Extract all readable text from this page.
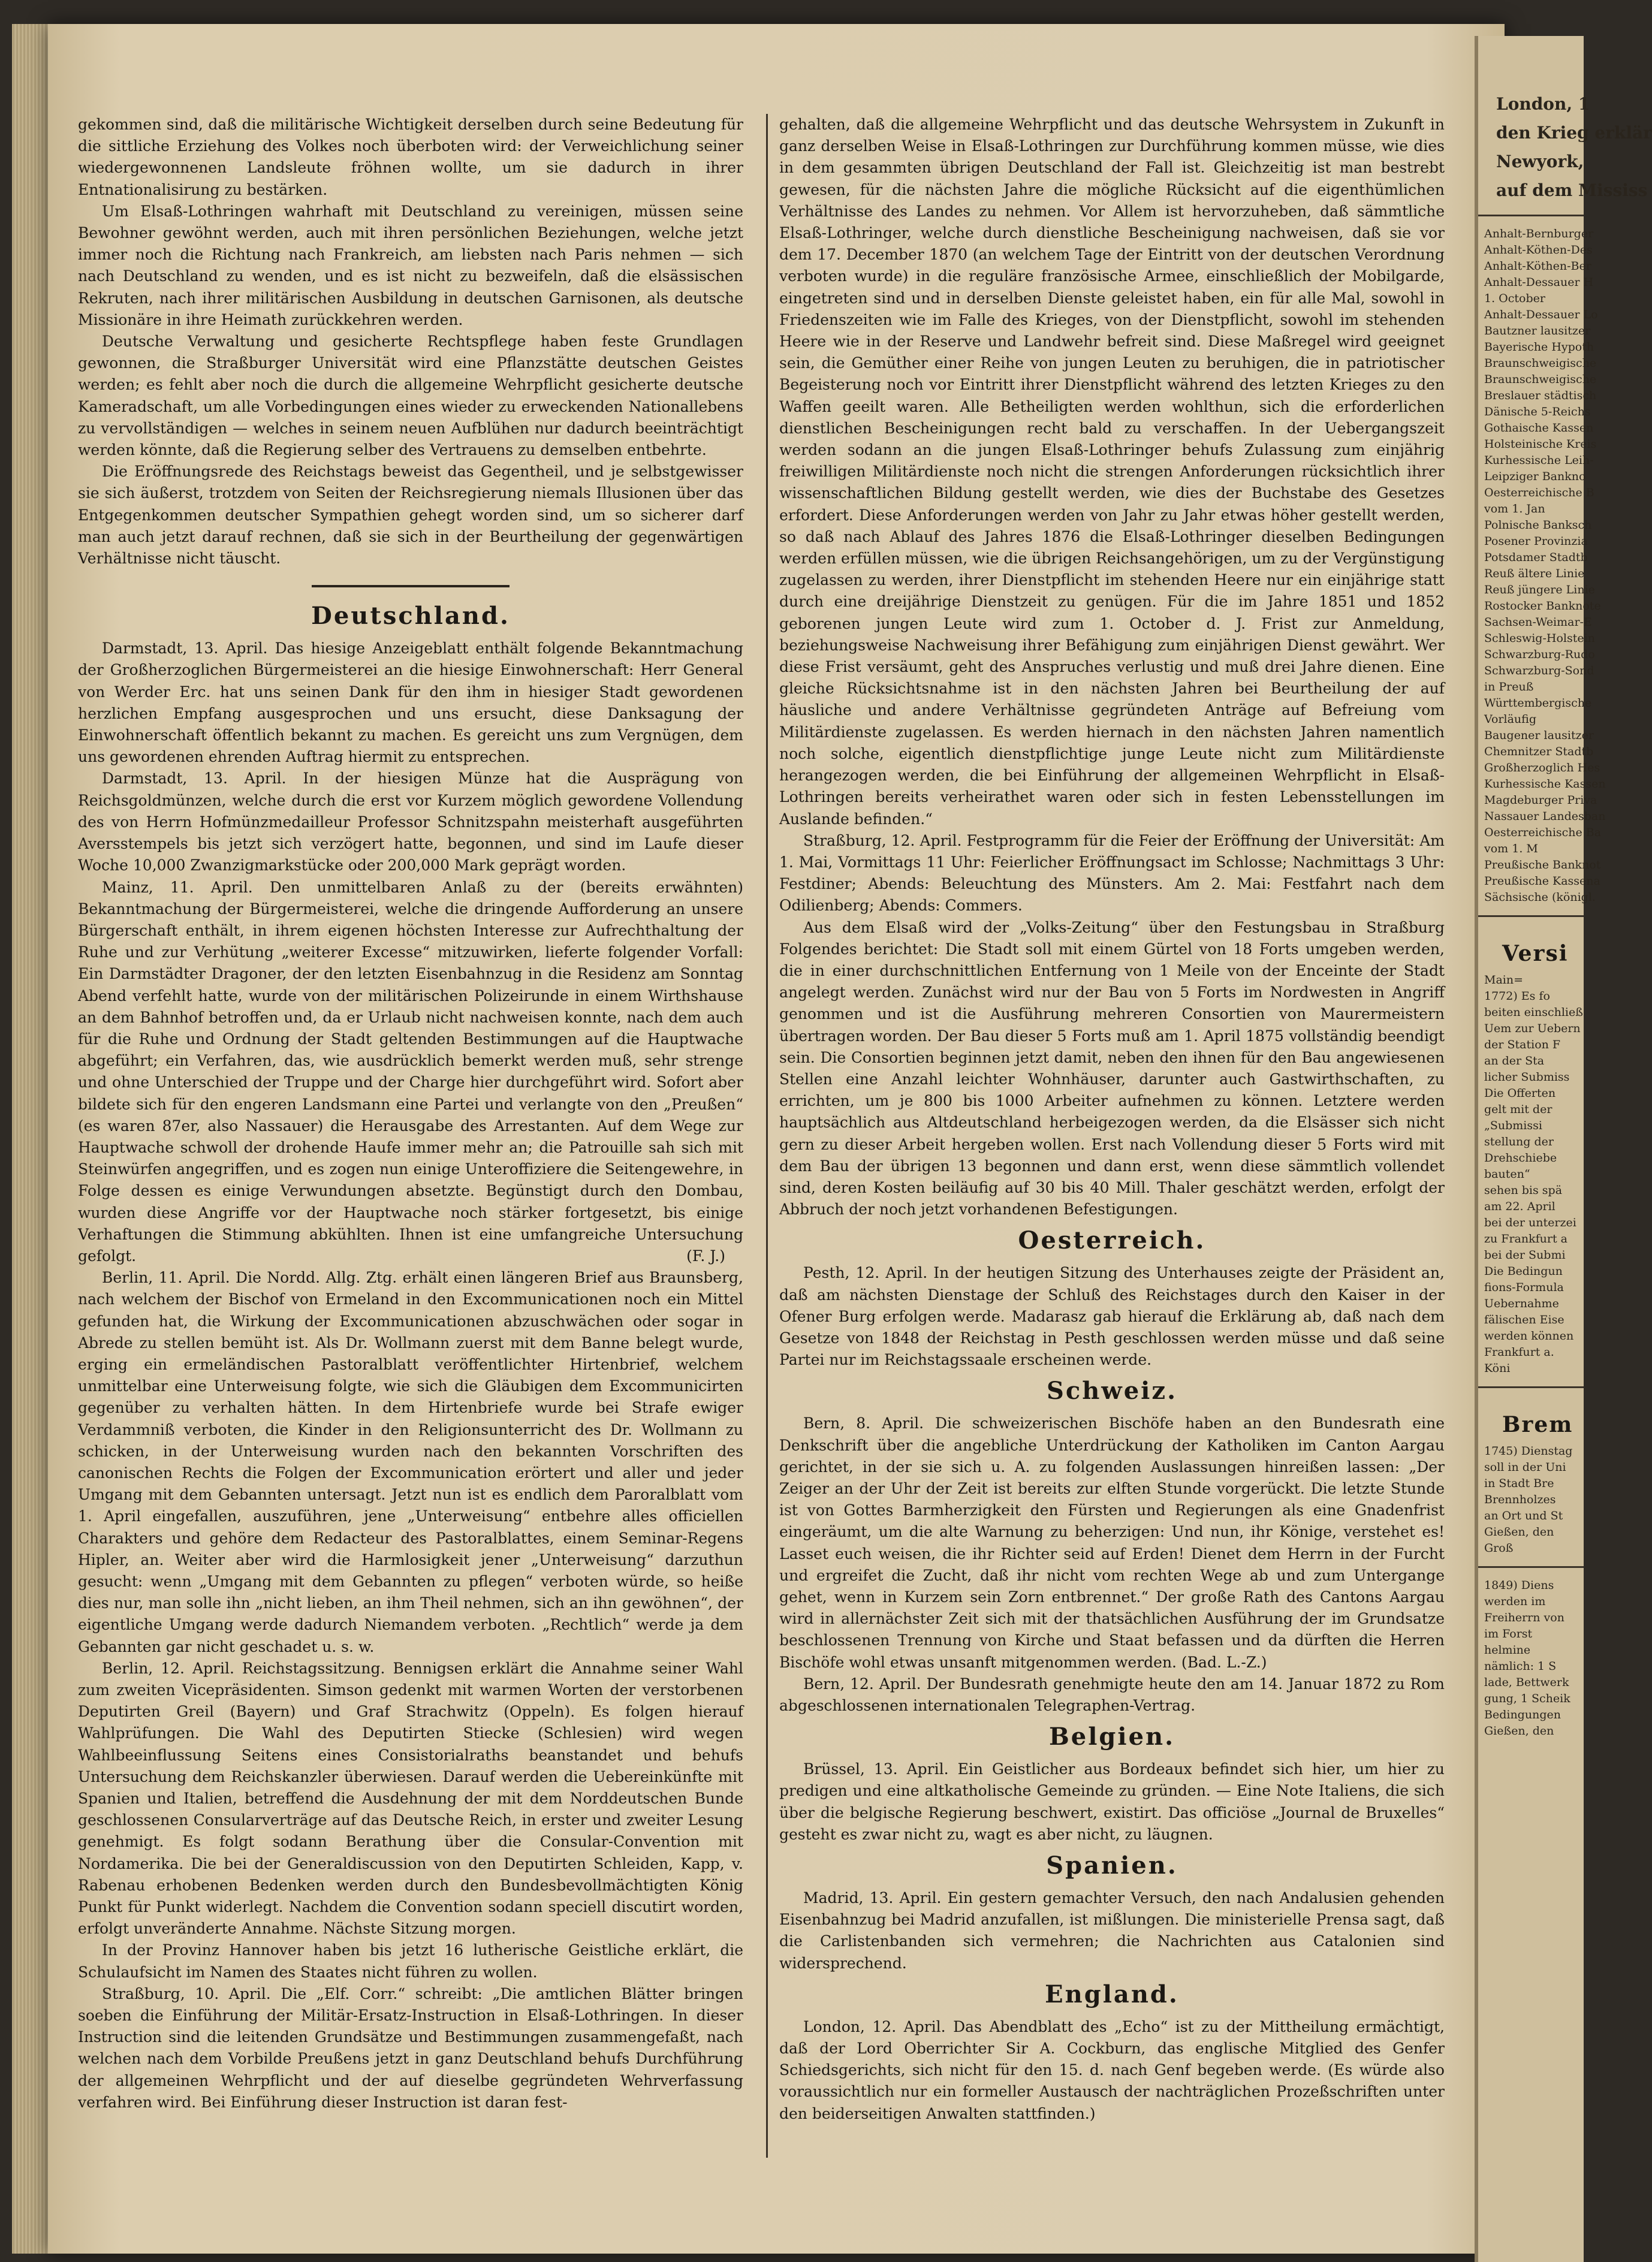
gekommen sind, daß die militärische Wichtigkeit derselben durch seine Bedeutung für die sittliche Erziehung des Volkes noch überboten wird: der Verweichlichung seiner wiedergewonnenen Landsleute fröhnen wollte, um sie dadurch in ihrer Entnationalisirung zu bestärken.

Um Elsaß-Lothringen wahrhaft mit Deutschland zu vereinigen, müssen seine Bewohner gewöhnt werden, auch mit ihren persönlichen Beziehungen, welche jetzt immer noch die Richtung nach Frankreich, am liebsten nach Paris nehmen — sich nach Deutschland zu wenden, und es ist nicht zu bezweifeln, daß die elsässischen Rekruten, nach ihrer militärischen Ausbildung in deutschen Garnisonen, als deutsche Missionäre in ihre Heimath zurückkehren werden.

Deutsche Verwaltung und gesicherte Rechtspflege haben feste Grundlagen gewonnen, die Straßburger Universität wird eine Pflanzstätte deutschen Geistes werden; es fehlt aber noch die durch die allgemeine Wehrpflicht gesicherte deutsche Kameradschaft, um alle Vorbedingungen eines wieder zu erweckenden Nationallebens zu vervollständigen — welches in seinem neuen Aufblühen nur dadurch beeinträchtigt werden könnte, daß die Regierung selber des Vertrauens zu demselben entbehrte.

Die Eröffnungsrede des Reichstags beweist das Gegentheil, und je selbstgewisser sie sich äußerst, trotzdem von Seiten der Reichsregierung niemals Illusionen über das Entgegenkommen deutscher Sympathien gehegt worden sind, um so sicherer darf man auch jetzt darauf rechnen, daß sie sich in der Beurtheilung der gegenwärtigen Verhältnisse nicht täuscht.

Deutschland.

Darmstadt, 13. April. Das hiesige Anzeigeblatt enthält folgende Bekanntmachung der Großherzoglichen Bürgermeisterei an die hiesige Einwohnerschaft: Herr General von Werder Erc. hat uns seinen Dank für den ihm in hiesiger Stadt gewordenen herzlichen Empfang ausgesprochen und uns ersucht, diese Danksagung der Einwohnerschaft öffentlich bekannt zu machen. Es gereicht uns zum Vergnügen, dem uns gewordenen ehrenden Auftrag hiermit zu entsprechen.

Darmstadt, 13. April. In der hiesigen Münze hat die Ausprägung von Reichsgoldmünzen, welche durch die erst vor Kurzem möglich gewordene Vollendung des von Herrn Hofmünzmedailleur Professor Schnitzspahn meisterhaft ausgeführten Aversstempels bis jetzt sich verzögert hatte, begonnen, und sind im Laufe dieser Woche 10,000 Zwanzigmarkstücke oder 200,000 Mark geprägt worden.

Mainz, 11. April. Den unmittelbaren Anlaß zu der (bereits erwähnten) Bekanntmachung der Bürgermeisterei, welche die dringende Aufforderung an unsere Bürgerschaft enthält, in ihrem eigenen höchsten Interesse zur Aufrechthaltung der Ruhe und zur Verhütung „weiterer Excesse“ mitzuwirken, lieferte folgender Vorfall: Ein Darmstädter Dragoner, der den letzten Eisenbahnzug in die Residenz am Sonntag Abend verfehlt hatte, wurde von der militärischen Polizeirunde in einem Wirthshause an dem Bahnhof betroffen und, da er Urlaub nicht nachweisen konnte, nach dem auch für die Ruhe und Ordnung der Stadt geltenden Bestimmungen auf die Hauptwache abgeführt; ein Verfahren, das, wie ausdrücklich bemerkt werden muß, sehr strenge und ohne Unterschied der Truppe und der Charge hier durchgeführt wird. Sofort aber bildete sich für den engeren Landsmann eine Partei und verlangte von den „Preußen“ (es waren 87er, also Nassauer) die Herausgabe des Arrestanten. Auf dem Wege zur Hauptwache schwoll der drohende Haufe immer mehr an; die Patrouille sah sich mit Steinwürfen angegriffen, und es zogen nun einige Unteroffiziere die Seitengewehre, in Folge dessen es einige Verwundungen absetzte. Begünstigt durch den Dombau, wurden diese Angriffe vor der Hauptwache noch stärker fortgesetzt, bis einige Verhaftungen die Stimmung abkühlten. Ihnen ist eine umfangreiche Untersuchung gefolgt.	(F. J.)

Berlin, 11. April. Die Nordd. Allg. Ztg. erhält einen längeren Brief aus Braunsberg, nach welchem der Bischof von Ermeland in den Excommunicationen noch ein Mittel gefunden hat, die Wirkung der Excommunicationen abzuschwächen oder sogar in Abrede zu stellen bemüht ist. Als Dr. Wollmann zuerst mit dem Banne belegt wurde, erging ein ermeländischen Pastoralblatt veröffentlichter Hirtenbrief, welchem unmittelbar eine Unterweisung folgte, wie sich die Gläubigen dem Excommunicirten gegenüber zu verhalten hätten. In dem Hirtenbriefe wurde bei Strafe ewiger Verdammniß verboten, die Kinder in den Religionsunterricht des Dr. Wollmann zu schicken, in der Unterweisung wurden nach den bekannten Vorschriften des canonischen Rechts die Folgen der Excommunication erörtert und aller und jeder Umgang mit dem Gebannten untersagt. Jetzt nun ist es endlich dem Paroralblatt vom 1. April eingefallen, auszuführen, jene „Unterweisung“ entbehre alles officiellen Charakters und gehöre dem Redacteur des Pastoralblattes, einem Seminar-Regens Hipler, an. Weiter aber wird die Harmlosigkeit jener „Unterweisung“ darzuthun gesucht: wenn „Umgang mit dem Gebannten zu pflegen“ verboten würde, so heiße dies nur, man solle ihn „nicht lieben, an ihm Theil nehmen, sich an ihn gewöhnen“, der eigentliche Umgang werde dadurch Niemandem verboten. „Rechtlich“ werde ja dem Gebannten gar nicht geschadet u. s. w.

Berlin, 12. April. Reichstagssitzung. Bennigsen erklärt die Annahme seiner Wahl zum zweiten Vicepräsidenten. Simson gedenkt mit warmen Worten der verstorbenen Deputirten Greil (Bayern) und Graf Strachwitz (Oppeln). Es folgen hierauf Wahlprüfungen. Die Wahl des Deputirten Stiecke (Schlesien) wird wegen Wahlbeeinflussung Seitens eines Consistorialraths beanstandet und behufs Untersuchung dem Reichskanzler überwiesen. Darauf werden die Uebereinkünfte mit Spanien und Italien, betreffend die Ausdehnung der mit dem Norddeutschen Bunde geschlossenen Consularverträge auf das Deutsche Reich, in erster und zweiter Lesung genehmigt. Es folgt sodann Berathung über die Consular-Convention mit Nordamerika. Die bei der Generaldiscussion von den Deputirten Schleiden, Kapp, v. Rabenau erhobenen Bedenken werden durch den Bundesbevollmächtigten König Punkt für Punkt widerlegt. Nachdem die Convention sodann speciell discutirt worden, erfolgt unveränderte Annahme. Nächste Sitzung morgen.

In der Provinz Hannover haben bis jetzt 16 lutherische Geistliche erklärt, die Schulaufsicht im Namen des Staates nicht führen zu wollen.

Straßburg, 10. April. Die „Elf. Corr.“ schreibt: „Die amtlichen Blätter bringen soeben die Einführung der Militär-Ersatz-Instruction in Elsaß-Lothringen. In dieser Instruction sind die leitenden Grundsätze und Bestimmungen zusammengefaßt, nach welchen nach dem Vorbilde Preußens jetzt in ganz Deutschland behufs Durchführung der allgemeinen Wehrpflicht und der auf dieselbe gegründeten Wehrverfassung verfahren wird. Bei Einführung dieser Instruction ist daran fest-

gehalten, daß die allgemeine Wehrpflicht und das deutsche Wehrsystem in Zukunft in ganz derselben Weise in Elsaß-Lothringen zur Durchführung kommen müsse, wie dies in dem gesammten übrigen Deutschland der Fall ist. Gleichzeitig ist man bestrebt gewesen, für die nächsten Jahre die mögliche Rücksicht auf die eigenthümlichen Verhältnisse des Landes zu nehmen. Vor Allem ist hervorzuheben, daß sämmtliche Elsaß-Lothringer, welche durch dienstliche Bescheinigung nachweisen, daß sie vor dem 17. December 1870 (an welchem Tage der Eintritt von der deutschen Verordnung verboten wurde) in die reguläre französische Armee, einschließlich der Mobilgarde, eingetreten sind und in derselben Dienste geleistet haben, ein für alle Mal, sowohl in Friedenszeiten wie im Falle des Krieges, von der Dienstpflicht, sowohl im stehenden Heere wie in der Reserve und Landwehr befreit sind. Diese Maßregel wird geeignet sein, die Gemüther einer Reihe von jungen Leuten zu beruhigen, die in patriotischer Begeisterung noch vor Eintritt ihrer Dienstpflicht während des letzten Krieges zu den Waffen geeilt waren. Alle Betheiligten werden wohlthun, sich die erforderlichen dienstlichen Bescheinigungen recht bald zu verschaffen. In der Uebergangszeit werden sodann an die jungen Elsaß-Lothringer behufs Zulassung zum einjährig freiwilligen Militärdienste noch nicht die strengen Anforderungen rücksichtlich ihrer wissenschaftlichen Bildung gestellt werden, wie dies der Buchstabe des Gesetzes erfordert. Diese Anforderungen werden von Jahr zu Jahr etwas höher gestellt werden, so daß nach Ablauf des Jahres 1876 die Elsaß-Lothringer dieselben Bedingungen werden erfüllen müssen, wie die übrigen Reichsangehörigen, um zu der Vergünstigung zugelassen zu werden, ihrer Dienstpflicht im stehenden Heere nur ein einjährige statt durch eine dreijährige Dienstzeit zu genügen. Für die im Jahre 1851 und 1852 geborenen jungen Leute wird zum 1. October d. J. Frist zur Anmeldung, beziehungsweise Nachweisung ihrer Befähigung zum einjährigen Dienst gewährt. Wer diese Frist versäumt, geht des Anspruches verlustig und muß drei Jahre dienen. Eine gleiche Rücksichtsnahme ist in den nächsten Jahren bei Beurtheilung der auf häusliche und andere Verhältnisse gegründeten Anträge auf Befreiung vom Militärdienste zugelassen. Es werden hiernach in den nächsten Jahren namentlich noch solche, eigentlich dienstpflichtige junge Leute nicht zum Militärdienste herangezogen werden, die bei Einführung der allgemeinen Wehrpflicht in Elsaß-Lothringen bereits verheirathet waren oder sich in festen Lebensstellungen im Auslande befinden.“

Straßburg, 12. April. Festprogramm für die Feier der Eröffnung der Universität: Am 1. Mai, Vormittags 11 Uhr: Feierlicher Eröffnungsact im Schlosse; Nachmittags 3 Uhr: Festdiner; Abends: Beleuchtung des Münsters. Am 2. Mai: Festfahrt nach dem Odilienberg; Abends: Commers.

Aus dem Elsaß wird der „Volks-Zeitung“ über den Festungsbau in Straßburg Folgendes berichtet: Die Stadt soll mit einem Gürtel von 18 Forts umgeben werden, die in einer durchschnittlichen Entfernung von 1 Meile von der Enceinte der Stadt angelegt werden. Zunächst wird nur der Bau von 5 Forts im Nordwesten in Angriff genommen und ist die Ausführung mehreren Consortien von Maurermeistern übertragen worden. Der Bau dieser 5 Forts muß am 1. April 1875 vollständig beendigt sein. Die Consortien beginnen jetzt damit, neben den ihnen für den Bau angewiesenen Stellen eine Anzahl leichter Wohnhäuser, darunter auch Gastwirthschaften, zu errichten, um je 800 bis 1000 Arbeiter aufnehmen zu können. Letztere werden hauptsächlich aus Altdeutschland herbeigezogen werden, da die Elsässer sich nicht gern zu dieser Arbeit hergeben wollen. Erst nach Vollendung dieser 5 Forts wird mit dem Bau der übrigen 13 begonnen und dann erst, wenn diese sämmtlich vollendet sind, deren Kosten beiläufig auf 30 bis 40 Mill. Thaler geschätzt werden, erfolgt der Abbruch der noch jetzt vorhandenen Befestigungen.

Oesterreich.

Pesth, 12. April. In der heutigen Sitzung des Unterhauses zeigte der Präsident an, daß am nächsten Dienstage der Schluß des Reichstages durch den Kaiser in der Ofener Burg erfolgen werde. Madarasz gab hierauf die Erklärung ab, daß nach dem Gesetze von 1848 der Reichstag in Pesth geschlossen werden müsse und daß seine Partei nur im Reichstagssaale erscheinen werde.

Schweiz.

Bern, 8. April. Die schweizerischen Bischöfe haben an den Bundesrath eine Denkschrift über die angebliche Unterdrückung der Katholiken im Canton Aargau gerichtet, in der sie sich u. A. zu folgenden Auslassungen hinreißen lassen: „Der Zeiger an der Uhr der Zeit ist bereits zur elften Stunde vorgerückt. Die letzte Stunde ist von Gottes Barmherzigkeit den Fürsten und Regierungen als eine Gnadenfrist eingeräumt, um die alte Warnung zu beherzigen: Und nun, ihr Könige, verstehet es! Lasset euch weisen, die ihr Richter seid auf Erden! Dienet dem Herrn in der Furcht und ergreifet die Zucht, daß ihr nicht vom rechten Wege ab und zum Untergange gehet, wenn in Kurzem sein Zorn entbrennet.“ Der große Rath des Cantons Aargau wird in allernächster Zeit sich mit der thatsächlichen Ausführung der im Grundsatze beschlossenen Trennung von Kirche und Staat befassen und da dürften die Herren Bischöfe wohl etwas unsanft mitgenommen werden. (Bad. L.-Z.)

Bern, 12. April. Der Bundesrath genehmigte heute den am 14. Januar 1872 zu Rom abgeschlossenen internationalen Telegraphen-Vertrag.

Belgien.

Brüssel, 13. April. Ein Geistlicher aus Bordeaux befindet sich hier, um hier zu predigen und eine altkatholische Gemeinde zu gründen. — Eine Note Italiens, die sich über die belgische Regierung beschwert, existirt. Das officiöse „Journal de Bruxelles“ gesteht es zwar nicht zu, wagt es aber nicht, zu läugnen.

Spanien.

Madrid, 13. April. Ein gestern gemachter Versuch, den nach Andalusien gehenden Eisenbahnzug bei Madrid anzufallen, ist mißlungen. Die ministerielle Prensa sagt, daß die Carlistenbanden sich vermehren; die Nachrichten aus Catalonien sind widersprechend.

England.

London, 12. April. Das Abendblatt des „Echo“ ist zu der Mittheilung ermächtigt, daß der Lord Oberrichter Sir A. Cockburn, das englische Mitglied des Genfer Schiedsgerichts, sich nicht für den 15. d. nach Genf begeben werde. (Es würde also voraussichtlich nur ein formeller Austausch der nachträglichen Prozeßschriften unter den beiderseitigen Anwalten stattfinden.)

London, 1
den Krieg erklär
Newyork,
auf dem Mississ
Anhalt-Bernburger
Anhalt-Köthen-Des
Anhalt-Köthen-Ber
Anhalt-Dessauer H
1. October
Anhalt-Dessauer Lo
Bautzner lausitzer
Bayerische Hypoth
Braunschweigische
Braunschweigische
Breslauer städtisch
Dänische 5-Reichs
Gothaische Kassen
Holsteinische Kreis
Kurhessische Leih-
Leipziger Bankno
Oesterreichische B
vom 1. Jan
Polnische Banksch
Posener Provinzia
Potsdamer Stadtb
Reuß ältere Linie
Reuß jüngere Linie
Rostocker Banknote
Sachsen-Weimar-E
Schleswig-Holstein
Schwarzburg-Rudo
Schwarzburg-Sond
in Preuß
Württembergische
Vorläufig
Baugener lausitzer
Chemnitzer Stadtb
Großherzoglich Hes
Kurhessische Kassen
Magdeburger Priva
Nassauer Landesban
Oesterreichische Ba
vom 1. M
Preußische Banknot
Preußische Kassena
Sächsische (königl.
Versi
Main=
1772) Es fo
beiten einschließ
Uem zur Uebern
der Station F
an der Sta
licher Submiss
Die Offerten
gelt mit der
„Submissi
stellung der
Drehschiebe
bauten“
sehen bis spä
am 22. April
bei der unterzei
zu Frankfurt a
bei der Submi
Die Bedingun
fions-Formula
Uebernahme
fälischen Eise
werden können
Frankfurt a.
Köni
Brem
1745) Dienstag
soll in der Uni
in Stadt Bre
Brennholzes
an Ort und St
Gießen, den
Groß
1849) Diens
werden im
Freiherrn von
im Forst
helmine
nämlich: 1 S
lade, Bettwerk
gung, 1 Scheik
Bedingungen
Gießen, den
